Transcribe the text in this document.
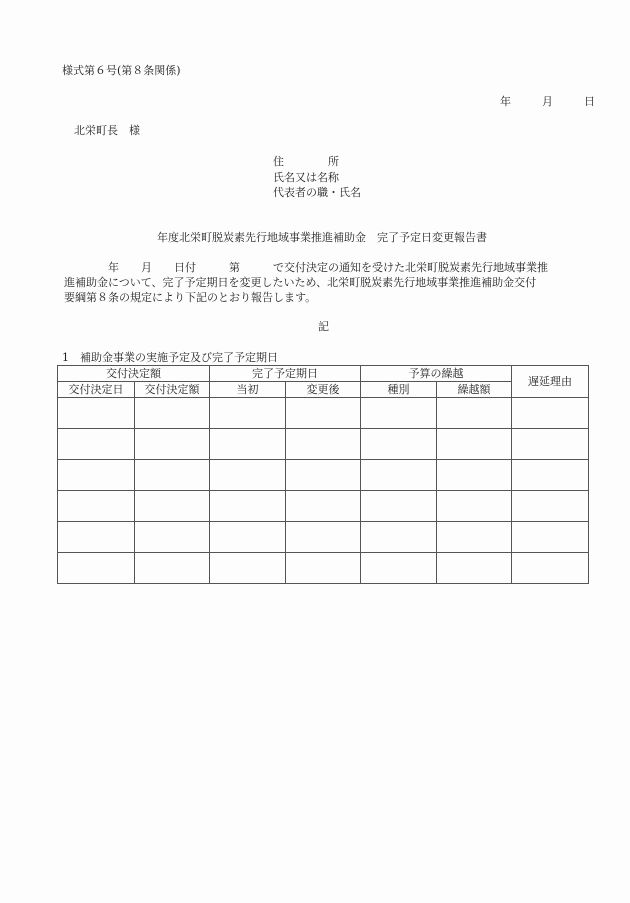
様式第６号(第８条関係)
年	月	日
北栄町長　様
住　　　　所
氏名又は名称
代表者の職・氏名
年度北栄町脱炭素先行地域事業推進補助金　完了予定日変更報告書
年　　月　　日付　　　第　　　で交付決定の通知を受けた北栄町脱炭素先行地域事業推
進補助金について、完了予定期日を変更したいため、北栄町脱炭素先行地域事業推進補助金交付
要綱第８条の規定により下記のとおり報告します。
記
1　補助金事業の実施予定及び完了予定期日
交付決定額		完了予定期日		予算の繰越		遅延理由
交付決定日	交付決定額	当初	変更後	種別	繰越額	
